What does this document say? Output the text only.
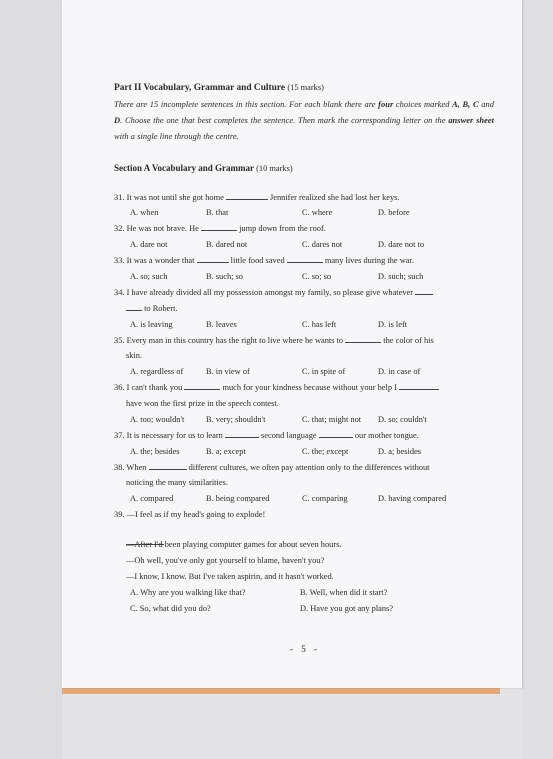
Part II Vocabulary, Grammar and Culture (15 marks)
There are 15 incomplete sentences in this section. For each blank there are four choices marked A, B, C and D. Choose the one that best completes the sentence. Then mark the corresponding letter on the answer sheet with a single line through the centre.
Section A Vocabulary and Grammar (10 marks)
31. It was not until she got home	Jennifer realized she had lost her keys.
A. when	B. that	C. where	D. before
32. He was not brave. He	jump down from the roof.
A. dare not	B. dared not	C. dares not	D. dare not to
33. It was a wonder that	little food saved	many lives during the war.
A. so; such	B. such; so	C. so; so	D. such; such
34. I have already divided all my possession amongst my family, so please give whatever
to Robert.
A. is leaving	B. leaves	C. has left	D. is left
35. Every man in this country has the right to live where he wants to	the color of his
skin.
A. regardless of	B. in view of	C. in spite of	D. in case of
36. I can't thank you	much for your kindness because without your help I
have won the first prize in the speech contest.
A. too; wouldn't	B. very; shouldn't	C. that; might not D. so; couldn't
37. It is necessary for us to learn	second language	our mother tongue.
A. the; besides	B. a; except	C. the; except	D. a; besides
38. When	different cultures, we often pay attention only to the differences without
noticing the many similarities.
A. compared	B. being compared	C. comparing	D. having compared
39. —I feel as if my head's going to explode!
—After I'd been playing computer games for about seven hours.
—Oh well, you've only got yourself to blame, haven't you?
—I know, I know. But I've taken aspirin, and it hasn't worked.
A. Why are you walking like that?	B. Well, when did it start?
C. So, what did you do?	D. Have you got any plans?
- 5 -
